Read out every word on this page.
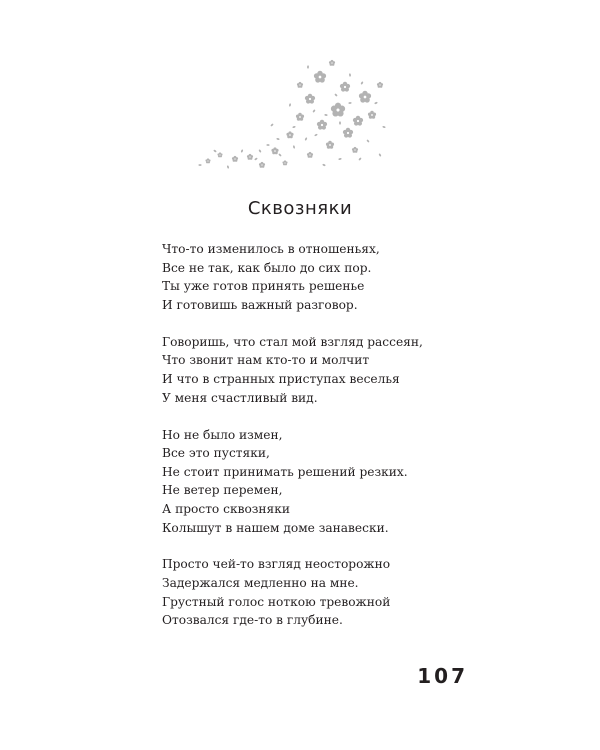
Сквозняки
Что-то изменилось в отношеньях,
Все не так, как было до сих пор.
Ты уже готов принять решенье
И готовишь важный разговор.
Говоришь, что стал мой взгляд рассеян,
Что звонит нам кто-то и молчит
И что в странных приступах веселья
У меня счастливый вид.
Но не было измен,
Все это пустяки,
Не стоит принимать решений резких.
Не ветер перемен,
А просто сквозняки
Колышут в нашем доме занавески.
Просто чей-то взгляд неосторожно
Задержался медленно на мне.
Грустный голос ноткою тревожной
Отозвался где-то в глубине.
107
